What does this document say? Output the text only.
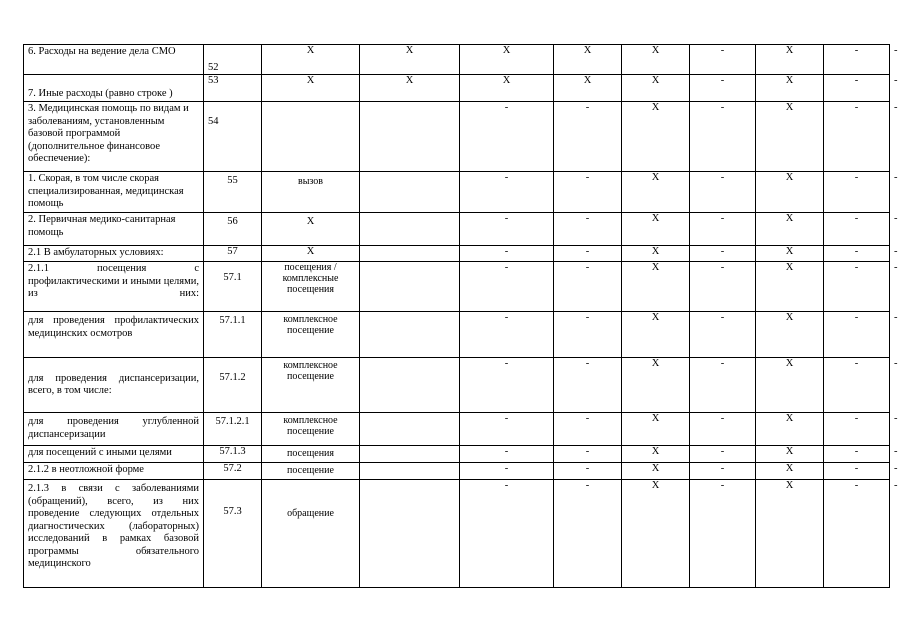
6. Расходы на ведение дела СМО	52	X	X	X	X	X	-	X	-	-
7. Иные расходы (равно строке )	53	X	X	X	X	X	-	X	-	-
3. Медицинская помощь по видам и заболеваниям, установленным базовой программой (дополнительное финансовое обеспечение):	54			-	-	X	-	X	-	-
1. Скорая, в том числе скорая специализированная, медицинская помощь	55	вызов		-	-	X	-	X	-	-
2. Первичная медико-санитарная помощь	56	X		-	-	X	-	X	-	-
2.1 В амбулаторных условиях:	57	X		-	-	X	-	X	-	-
2.1.1 посещения с профилактическими и иными целями, из них:	57.1	посещения / комплексные посещения		-	-	X	-	X	-	-
для проведения профилактических медицинских осмотров	57.1.1	комплексное посещение		-	-	X	-	X	-	-
для проведения диспансеризации, всего, в том числе:	57.1.2	комплексное посещение		-	-	X	-	X	-	-
для проведения углубленной диспансеризации	57.1.2.1	комплексное посещение		-	-	X	-	X	-	-
для посещений с иными целями	57.1.3	посещения		-	-	X	-	X	-	-
2.1.2 в неотложной форме	57.2	посещение		-	-	X	-	X	-	-
2.1.3 в связи с заболеваниями (обращений), всего, из них проведение следующих отдельных диагностических (лабораторных) исследований в рамках базовой программы обязательного медицинского	57.3	обращение		-	-	X	-	X	-	-
